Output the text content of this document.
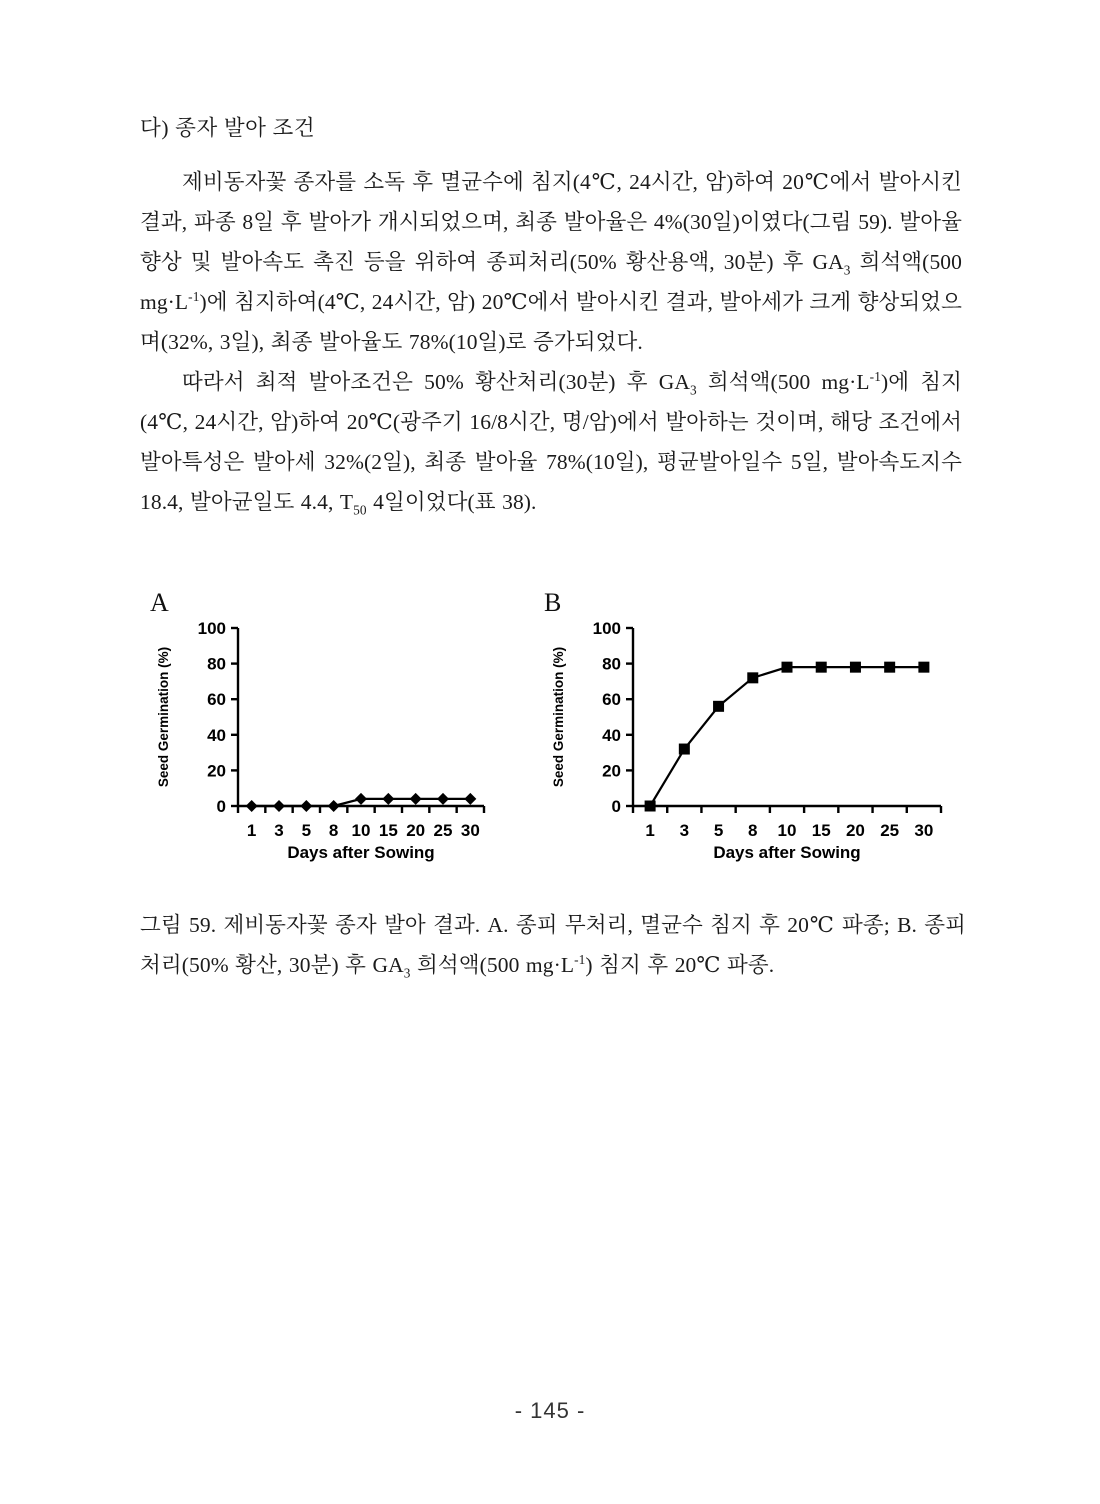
다) 종자 발아 조건

제비동자꽃 종자를 소독 후 멸균수에 침지(4℃, 24시간, 암)하여 20℃에서 발아시킨 결과, 파종 8일 후 발아가 개시되었으며, 최종 발아율은 4%(30일)이였다(그림 59). 발아율 향상 및 발아속도 촉진 등을 위하여 종피처리(50% 황산용액, 30분) 후 $GA_3$ 희석액(500 $mg\cdot L^{-1}$)에 침지하여(4℃, 24시간, 암) 20℃에서 발아시킨 결과, 발아세가 크게 향상되었으며(32%, 3일), 최종 발아율도 78%(10일)로 증가되었다.

따라서 최적 발아조건은 50% 황산처리(30분) 후 $GA_3$ 희석액(500 $mg\cdot L^{-1}$)에 침지(4℃, 24시간, 암)하여 20℃(광주기 16/8시간, 명/암)에서 발아하는 것이며, 해당 조건에서 발아특성은 발아세 32%(2일), 최종 발아율 78%(10일), 평균발아일수 5일, 발아속도지수 18.4, 발아균일도 4.4, $T_{50}$ 4일이었다(표 38).

A
0
20
40
60
80
100
1 3 5 8 10 15 20 25 30
Days after Sowing
Seed Germination (%)
B
0
20
40
60
80
100
1 3 5 8 10 15 20 25 30
Days after Sowing
Seed Germination (%)
그림 59. 제비동자꽃 종자 발아 결과. A. 종피 무처리, 멸균수 침지 후 20℃ 파종; B. 종피처리(50% 황산, 30분) 후 $GA_3$ 희석액(500 $mg\cdot L^{-1}$) 침지 후 20℃ 파종.
- 145 -
